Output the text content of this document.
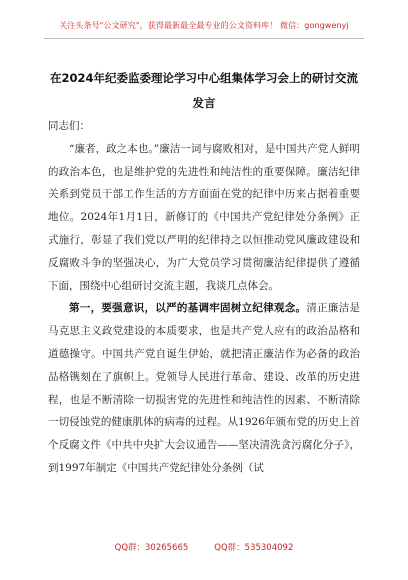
关注头条号"公文研究"，获得最新最全最专业的公文资料库！ 微信：gongwenyj
在2024年纪委监委理论学习中心组集体学习会上的研讨交流发言

同志们：

“廉者，政之本也。”廉洁一词与腐败相对，是中国共产党人鲜明的政治本色，也是维护党的先进性和纯洁性的重要保障。廉洁纪律关系到党员干部工作生活的方方面面在党的纪律中历来占据着重要地位。2024年1月1日，新修订的《中国共产党纪律处分条例》正式施行，彰显了我们党以严明的纪律持之以恒推动党风廉政建设和反腐败斗争的坚强决心，为广大党员学习贯彻廉洁纪律提供了遵循下面，围绕中心组研讨交流主题，我谈几点体会。

第一，要强意识，以严的基调牢固树立纪律观念。清正廉洁是马克思主义政党建设的本质要求，也是共产党人应有的政治品格和道德操守。中国共产党自诞生伊始，就把清正廉洁作为必备的政治品格镌刻在了旗帜上。党领导人民进行革命、建设、改革的历史进程，也是不断清除一切损害党的先进性和纯洁性的因素、不断清除一切侵蚀党的健康肌体的病毒的过程。从1926年颁布党的历史上首个反腐文件《中共中央扩大会议通告——坚决清洗贪污腐化分子》，到1997年制定《中国共产党纪律处分条例（试

QQ群：30265665	QQ群：535304092
